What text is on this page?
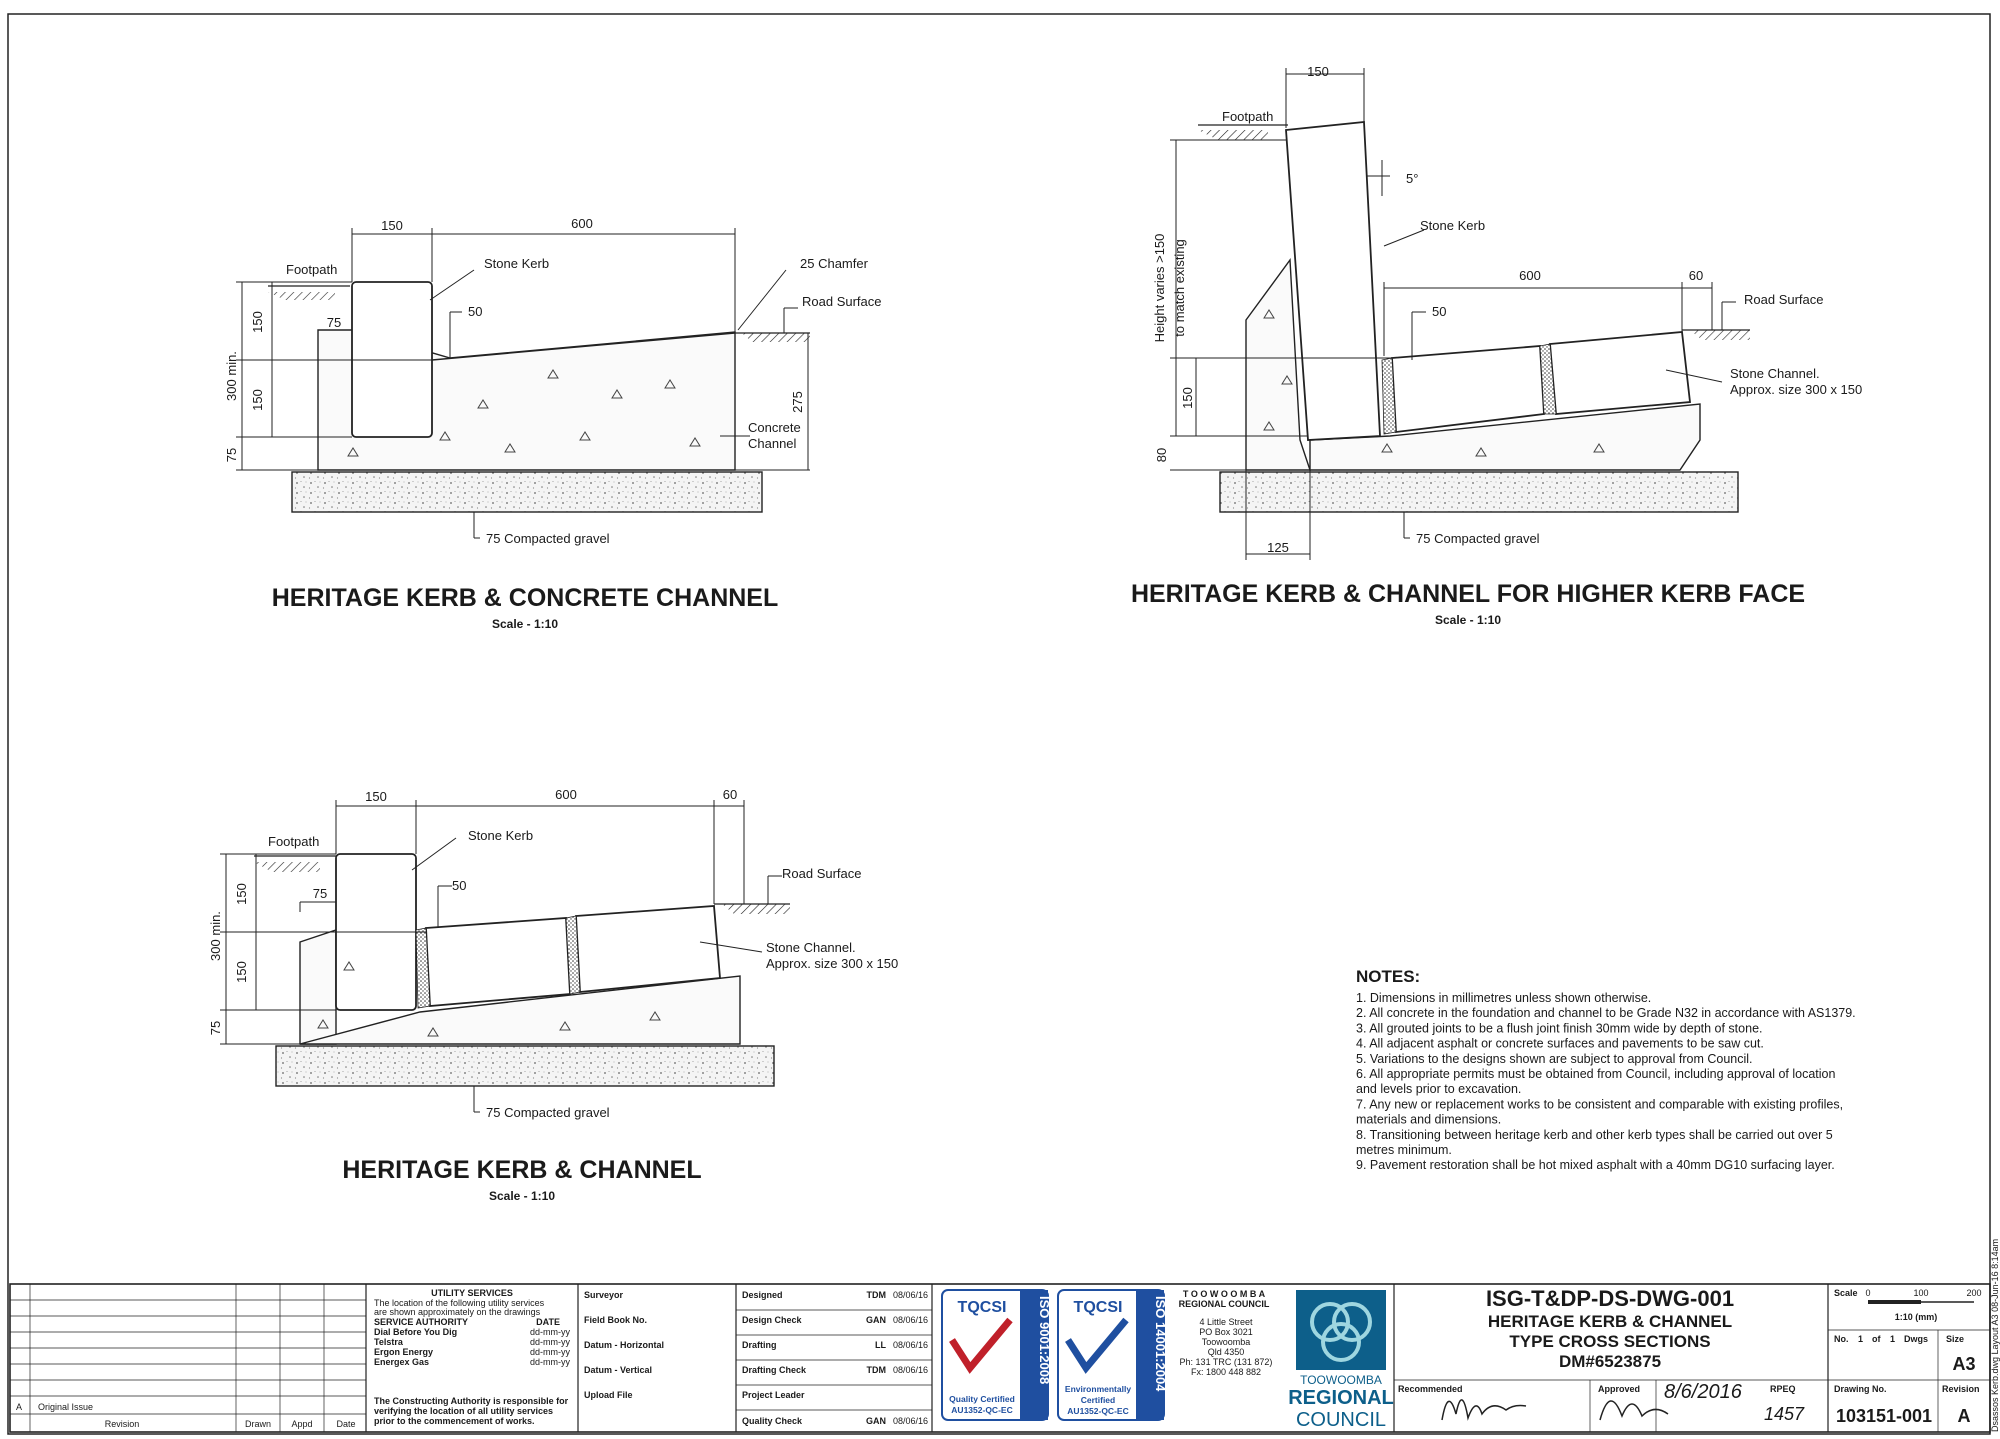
150	600
75
50
150
150
300 min.
75
275
Footpath	Stone Kerb	25 Chamfer
Road Surface
Concrete
Channel
75 Compacted gravel
HERITAGE KERB & CONCRETE CHANNEL
Scale - 1:10
150
5°
600	60
50
150
80
125
Height varies >150 to match existing
Footpath
Stone Kerb
Road Surface
Stone Channel.
Approx. size 300 x 150
75 Compacted gravel
HERITAGE KERB & CHANNEL FOR HIGHER KERB FACE
Scale - 1:10
150	600	60
75
50
150
150
300 min.
75
Footpath	Stone Kerb
Road Surface
Stone Channel.
Approx. size 300 x 150
75 Compacted gravel
HERITAGE KERB & CHANNEL
Scale - 1:10
NOTES:
1. Dimensions in millimetres unless shown otherwise.
2. All concrete in the foundation and channel to be Grade N32 in accordance with AS1379.
3. All grouted joints to be a flush joint finish 30mm wide by depth of stone.
4. All adjacent asphalt or concrete surfaces and pavements to be saw cut.
5. Variations to the designs shown are subject to approval from Council.
6. All appropriate permits must be obtained from Council, including approval of location
and levels prior to excavation.
7. Any new or replacement works to be consistent and comparable with existing profiles,
materials and dimensions.
8. Transitioning between heritage kerb and other kerb types shall be carried out over 5
metres minimum.
9. Pavement restoration shall be hot mixed asphalt with a 40mm DG10 surfacing layer.
A Original Issue
Revision	Drawn Appd	Date
UTILITY SERVICES
The location of the following utility services
are shown approximately on the drawings
SERVICE AUTHORITY	DATE
Dial Before You Dig	dd-mm-yy
Telstra	dd-mm-yy
Ergon Energy	dd-mm-yy
Energex Gas	dd-mm-yy
The Constructing Authority is responsible for
verifying the location of all utility services
prior to the commencement of works.
Surveyor
Field Book No.
Datum - Horizontal
Datum - Vertical
Upload File
Designed	TDM 08/06/16
Design Check	GAN 08/06/16
Drafting	LL 08/06/16
Drafting Check	TDM 08/06/16
Project Leader
Quality Check	GAN 08/06/16
TQCSI ISO 9001:2008
Quality Certified
AU1352-QC-EC
TQCSI ISO 14001:2004
Environmentally
Certified
AU1352-QC-EC
T O O W O O M B A
REGIONAL COUNCIL
4 Little Street
PO Box 3021
Toowoomba
Qld 4350
Ph: 131 TRC (131 872)
Fx: 1800 448 882
TOOWOOMBA
REGIONAL
COUNCIL
ISG-T&DP-DS-DWG-001
HERITAGE KERB & CHANNEL
TYPE CROSS SECTIONS
DM#6523875
Recommended	Approved 8/6/2016	RPEQ
1457
Scale 0	100	200
1:10 (mm)
No. 1 of 1 Dwgs Size
A3
Drawing No.
103151-001
Revision
A Dsassos Kerb.dwg Layout A3 08-Jun-16 8:14am
